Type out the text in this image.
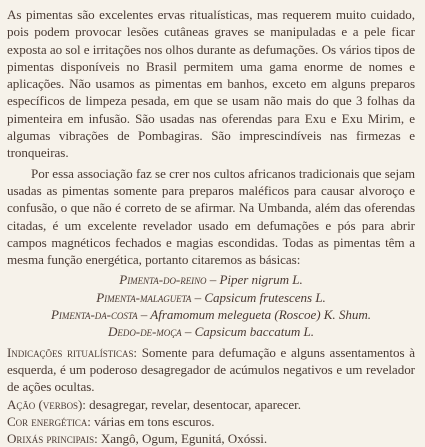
As pimentas são excelentes ervas ritualísticas, mas requerem muito cuidado, pois podem provocar lesões cutâneas graves se manipuladas e a pele ficar exposta ao sol e irritações nos olhos durante as defumações. Os vários tipos de pimentas disponíveis no Brasil permitem uma gama enorme de nomes e aplicações. Não usamos as pimentas em banhos, exceto em alguns preparos específicos de limpeza pesada, em que se usam não mais do que 3 folhas da pimenteira em infusão. São usadas nas oferendas para Exu e Exu Mirim, e algumas vibrações de Pombagiras. São imprescindíveis nas firmezas e tronqueiras.

Por essa associação faz se crer nos cultos africanos tradicionais que sejam usadas as pimentas somente para preparos maléficos para causar alvoroço e confusão, o que não é correto de se afirmar. Na Umbanda, além das oferendas citadas, é um excelente revelador usado em defumações e pós para abrir campos magnéticos fechados e magias escondidas. Todas as pimentas têm a mesma função energética, portanto citaremos as básicas:

Pimenta-do-reino – Piper nigrum L.
Pimenta-malagueta – Capsicum frutescens L.
Pimenta-da-costa – Aframomum melegueta (Roscoe) K. Shum.
Dedo-de-moça – Capsicum baccatum L.

Indicações ritualísticas: Somente para defumação e alguns assentamentos à esquerda, é um poderoso desagregador de acúmulos negativos e um revelador de ações ocultas.

Ação (verbos): desagregar, revelar, desentocar, aparecer.

Cor energética: várias em tons escuros.

Orixás principais: Xangô, Ogum, Egunitá, Oxóssi.
